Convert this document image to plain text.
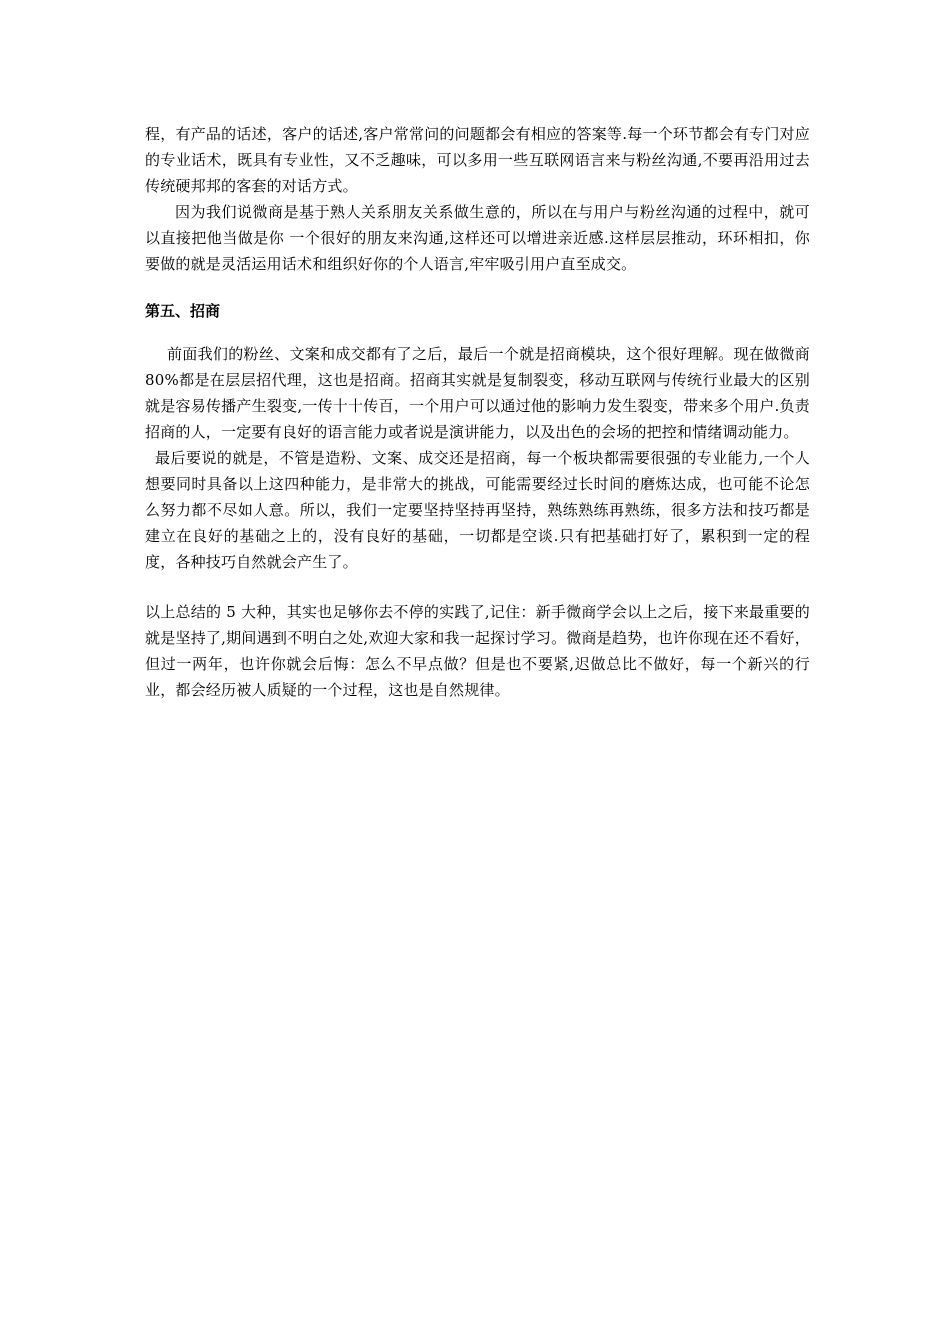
程，有产品的话述，客户的话述,客户常常问的问题都会有相应的答案等.每一个环节都会有专门对应的专业话术，既具有专业性，又不乏趣味，可以多用一些互联网语言来与粉丝沟通,不要再沿用过去传统硬邦邦的客套的对话方式。

因为我们说微商是基于熟人关系朋友关系做生意的，所以在与用户与粉丝沟通的过程中，就可以直接把他当做是你 一个很好的朋友来沟通,这样还可以增进亲近感.这样层层推动，环环相扣，你要做的就是灵活运用话术和组织好你的个人语言,牢牢吸引用户直至成交。

第五、招商

前面我们的粉丝、文案和成交都有了之后，最后一个就是招商模块，这个很好理解。现在做微商 80%都是在层层招代理，这也是招商。招商其实就是复制裂变，移动互联网与传统行业最大的区别就是容易传播产生裂变,一传十十传百，一个用户可以通过他的影响力发生裂变，带来多个用户.负责招商的人，一定要有良好的语言能力或者说是演讲能力，以及出色的会场的把控和情绪调动能力。

最后要说的就是，不管是造粉、文案、成交还是招商，每一个板块都需要很强的专业能力,一个人想要同时具备以上这四种能力，是非常大的挑战，可能需要经过长时间的磨炼达成，也可能不论怎么努力都不尽如人意。所以，我们一定要坚持坚持再坚持，熟练熟练再熟练，很多方法和技巧都是建立在良好的基础之上的，没有良好的基础，一切都是空谈.只有把基础打好了，累积到一定的程度，各种技巧自然就会产生了。

以上总结的 5 大种，其实也足够你去不停的实践了,记住：新手微商学会以上之后，接下来最重要的就是坚持了,期间遇到不明白之处,欢迎大家和我一起探讨学习。微商是趋势，也许你现在还不看好，但过一两年，也许你就会后悔：怎么不早点做？但是也不要紧,迟做总比不做好，每一个新兴的行业，都会经历被人质疑的一个过程，这也是自然规律。
